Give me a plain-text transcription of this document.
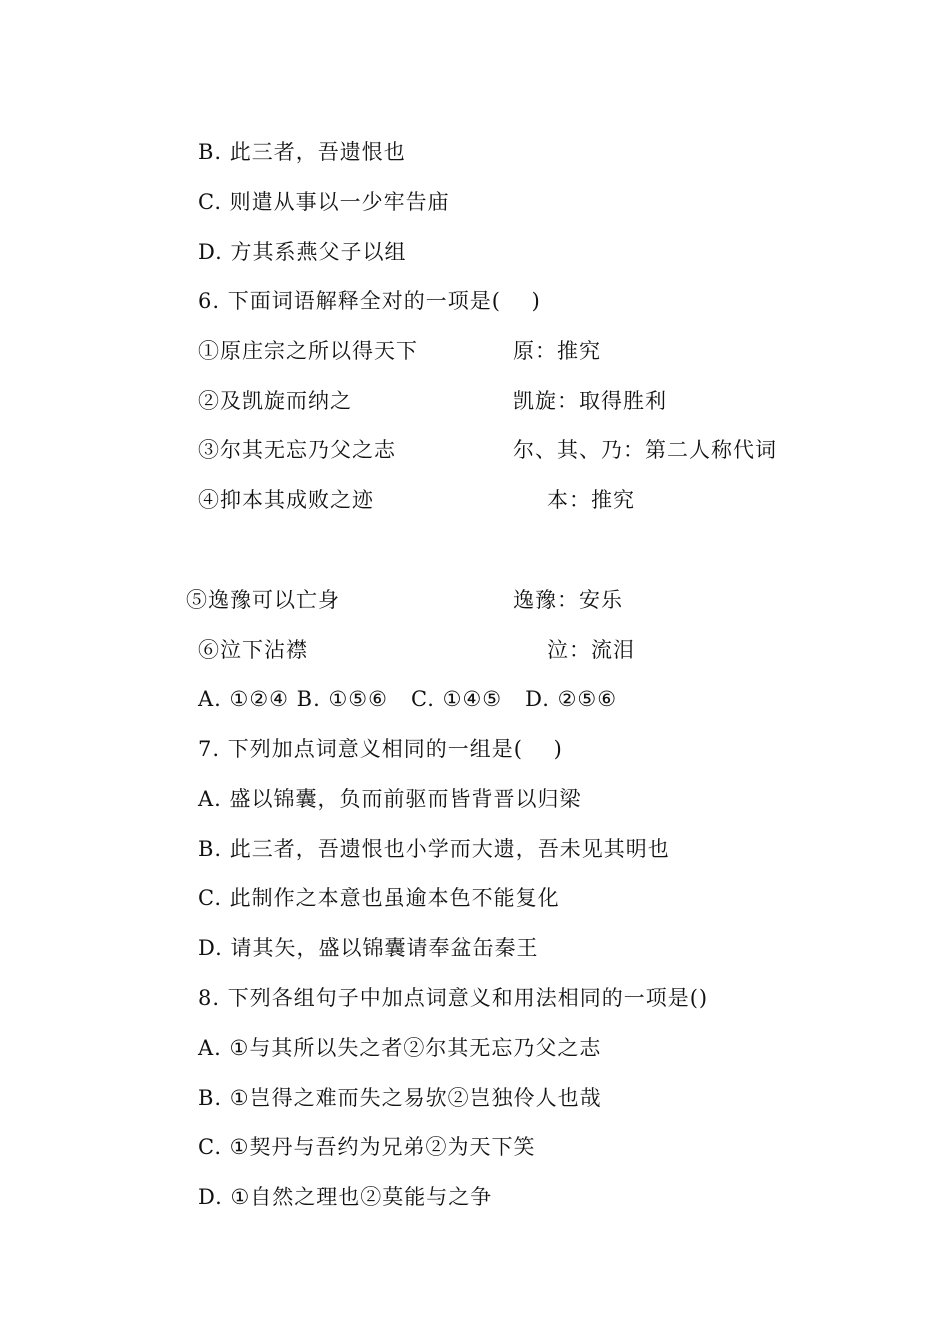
B. 此三者，吾遗恨也
C. 则遣从事以一少牢告庙
D. 方其系燕父子以组
6. 下面词语解释全对的一项是(    )
①原庄宗之所以得天下	原：推究
②及凯旋而纳之	凯旋：取得胜利
③尔其无忘乃父之志	尔、其、乃：第二人称代词
④抑本其成败之迹	本：推究
⑤逸豫可以亡身	逸豫：安乐
⑥泣下沾襟	泣：流泪
A. ①②④ B. ①⑤⑥   C. ①④⑤   D. ②⑤⑥
7. 下列加点词意义相同的一组是(    )
A. 盛以锦囊，负而前驱而皆背晋以归梁
B. 此三者，吾遗恨也小学而大遗，吾未见其明也
C. 此制作之本意也虽逾本色不能复化
D. 请其矢，盛以锦囊请奉盆缶秦王
8. 下列各组句子中加点词意义和用法相同的一项是()
A. ①与其所以失之者②尔其无忘乃父之志
B. ①岂得之难而失之易欤②岂独伶人也哉
C. ①契丹与吾约为兄弟②为天下笑
D. ①自然之理也②莫能与之争
